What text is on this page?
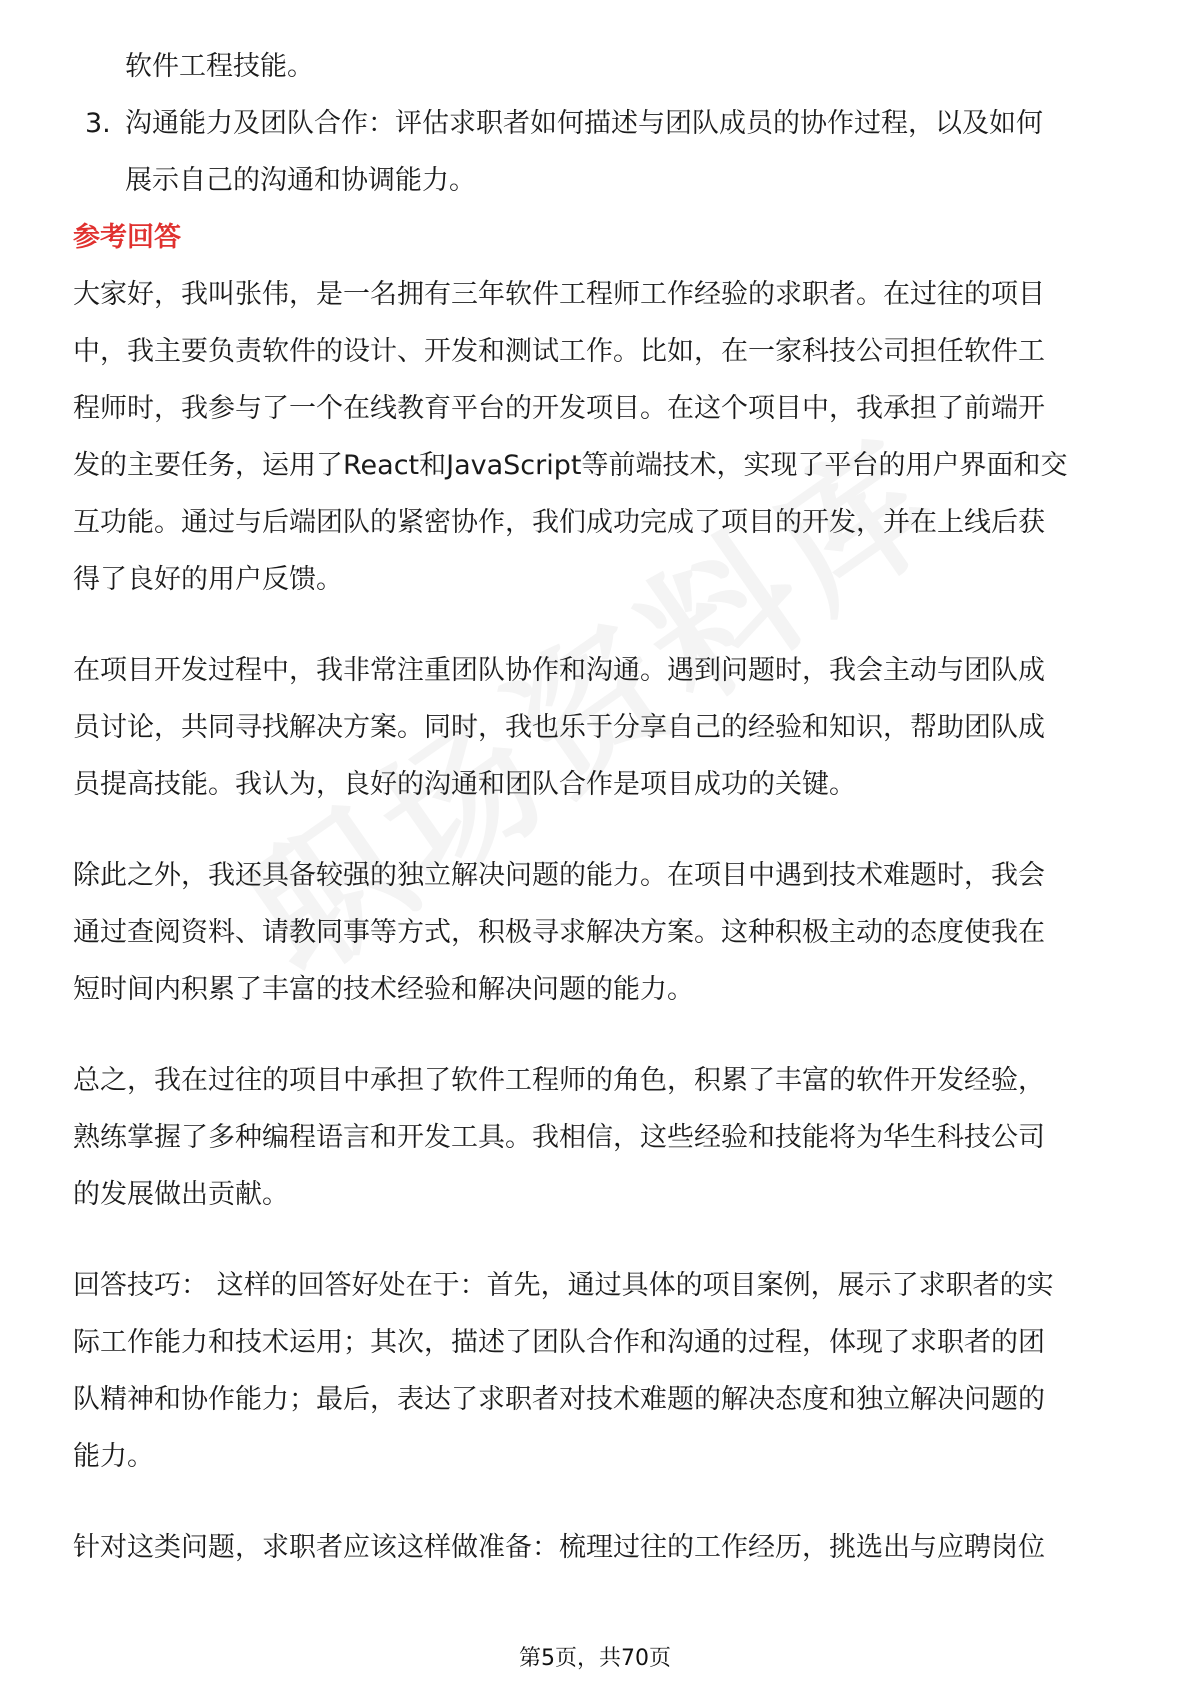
软件工程技能。
3. 沟通能力及团队合作：评估求职者如何描述与团队成员的协作过程，以及如何
展示自己的沟通和协调能力。
参考回答
大家好，我叫张伟，是一名拥有三年软件工程师工作经验的求职者。在过往的项目
中，我主要负责软件的设计、开发和测试工作。比如，在一家科技公司担任软件工
程师时，我参与了一个在线教育平台的开发项目。在这个项目中，我承担了前端开
发的主要任务，运用了React和JavaScript等前端技术，实现了平台的用户界面和交
互功能。通过与后端团队的紧密协作，我们成功完成了项目的开发，并在上线后获
得了良好的用户反馈。
在项目开发过程中，我非常注重团队协作和沟通。遇到问题时，我会主动与团队成
员讨论，共同寻找解决方案。同时，我也乐于分享自己的经验和知识，帮助团队成
员提高技能。我认为，良好的沟通和团队合作是项目成功的关键。
除此之外，我还具备较强的独立解决问题的能力。在项目中遇到技术难题时，我会
通过查阅资料、请教同事等方式，积极寻求解决方案。这种积极主动的态度使我在
短时间内积累了丰富的技术经验和解决问题的能力。
总之，我在过往的项目中承担了软件工程师的角色，积累了丰富的软件开发经验，
熟练掌握了多种编程语言和开发工具。我相信，这些经验和技能将为华生科技公司
的发展做出贡献。
回答技巧： 这样的回答好处在于：首先，通过具体的项目案例，展示了求职者的实
际工作能力和技术运用；其次，描述了团队合作和沟通的过程，体现了求职者的团
队精神和协作能力；最后，表达了求职者对技术难题的解决态度和独立解决问题的
能力。
针对这类问题，求职者应该这样做准备：梳理过往的工作经历，挑选出与应聘岗位
第5页，共70页
